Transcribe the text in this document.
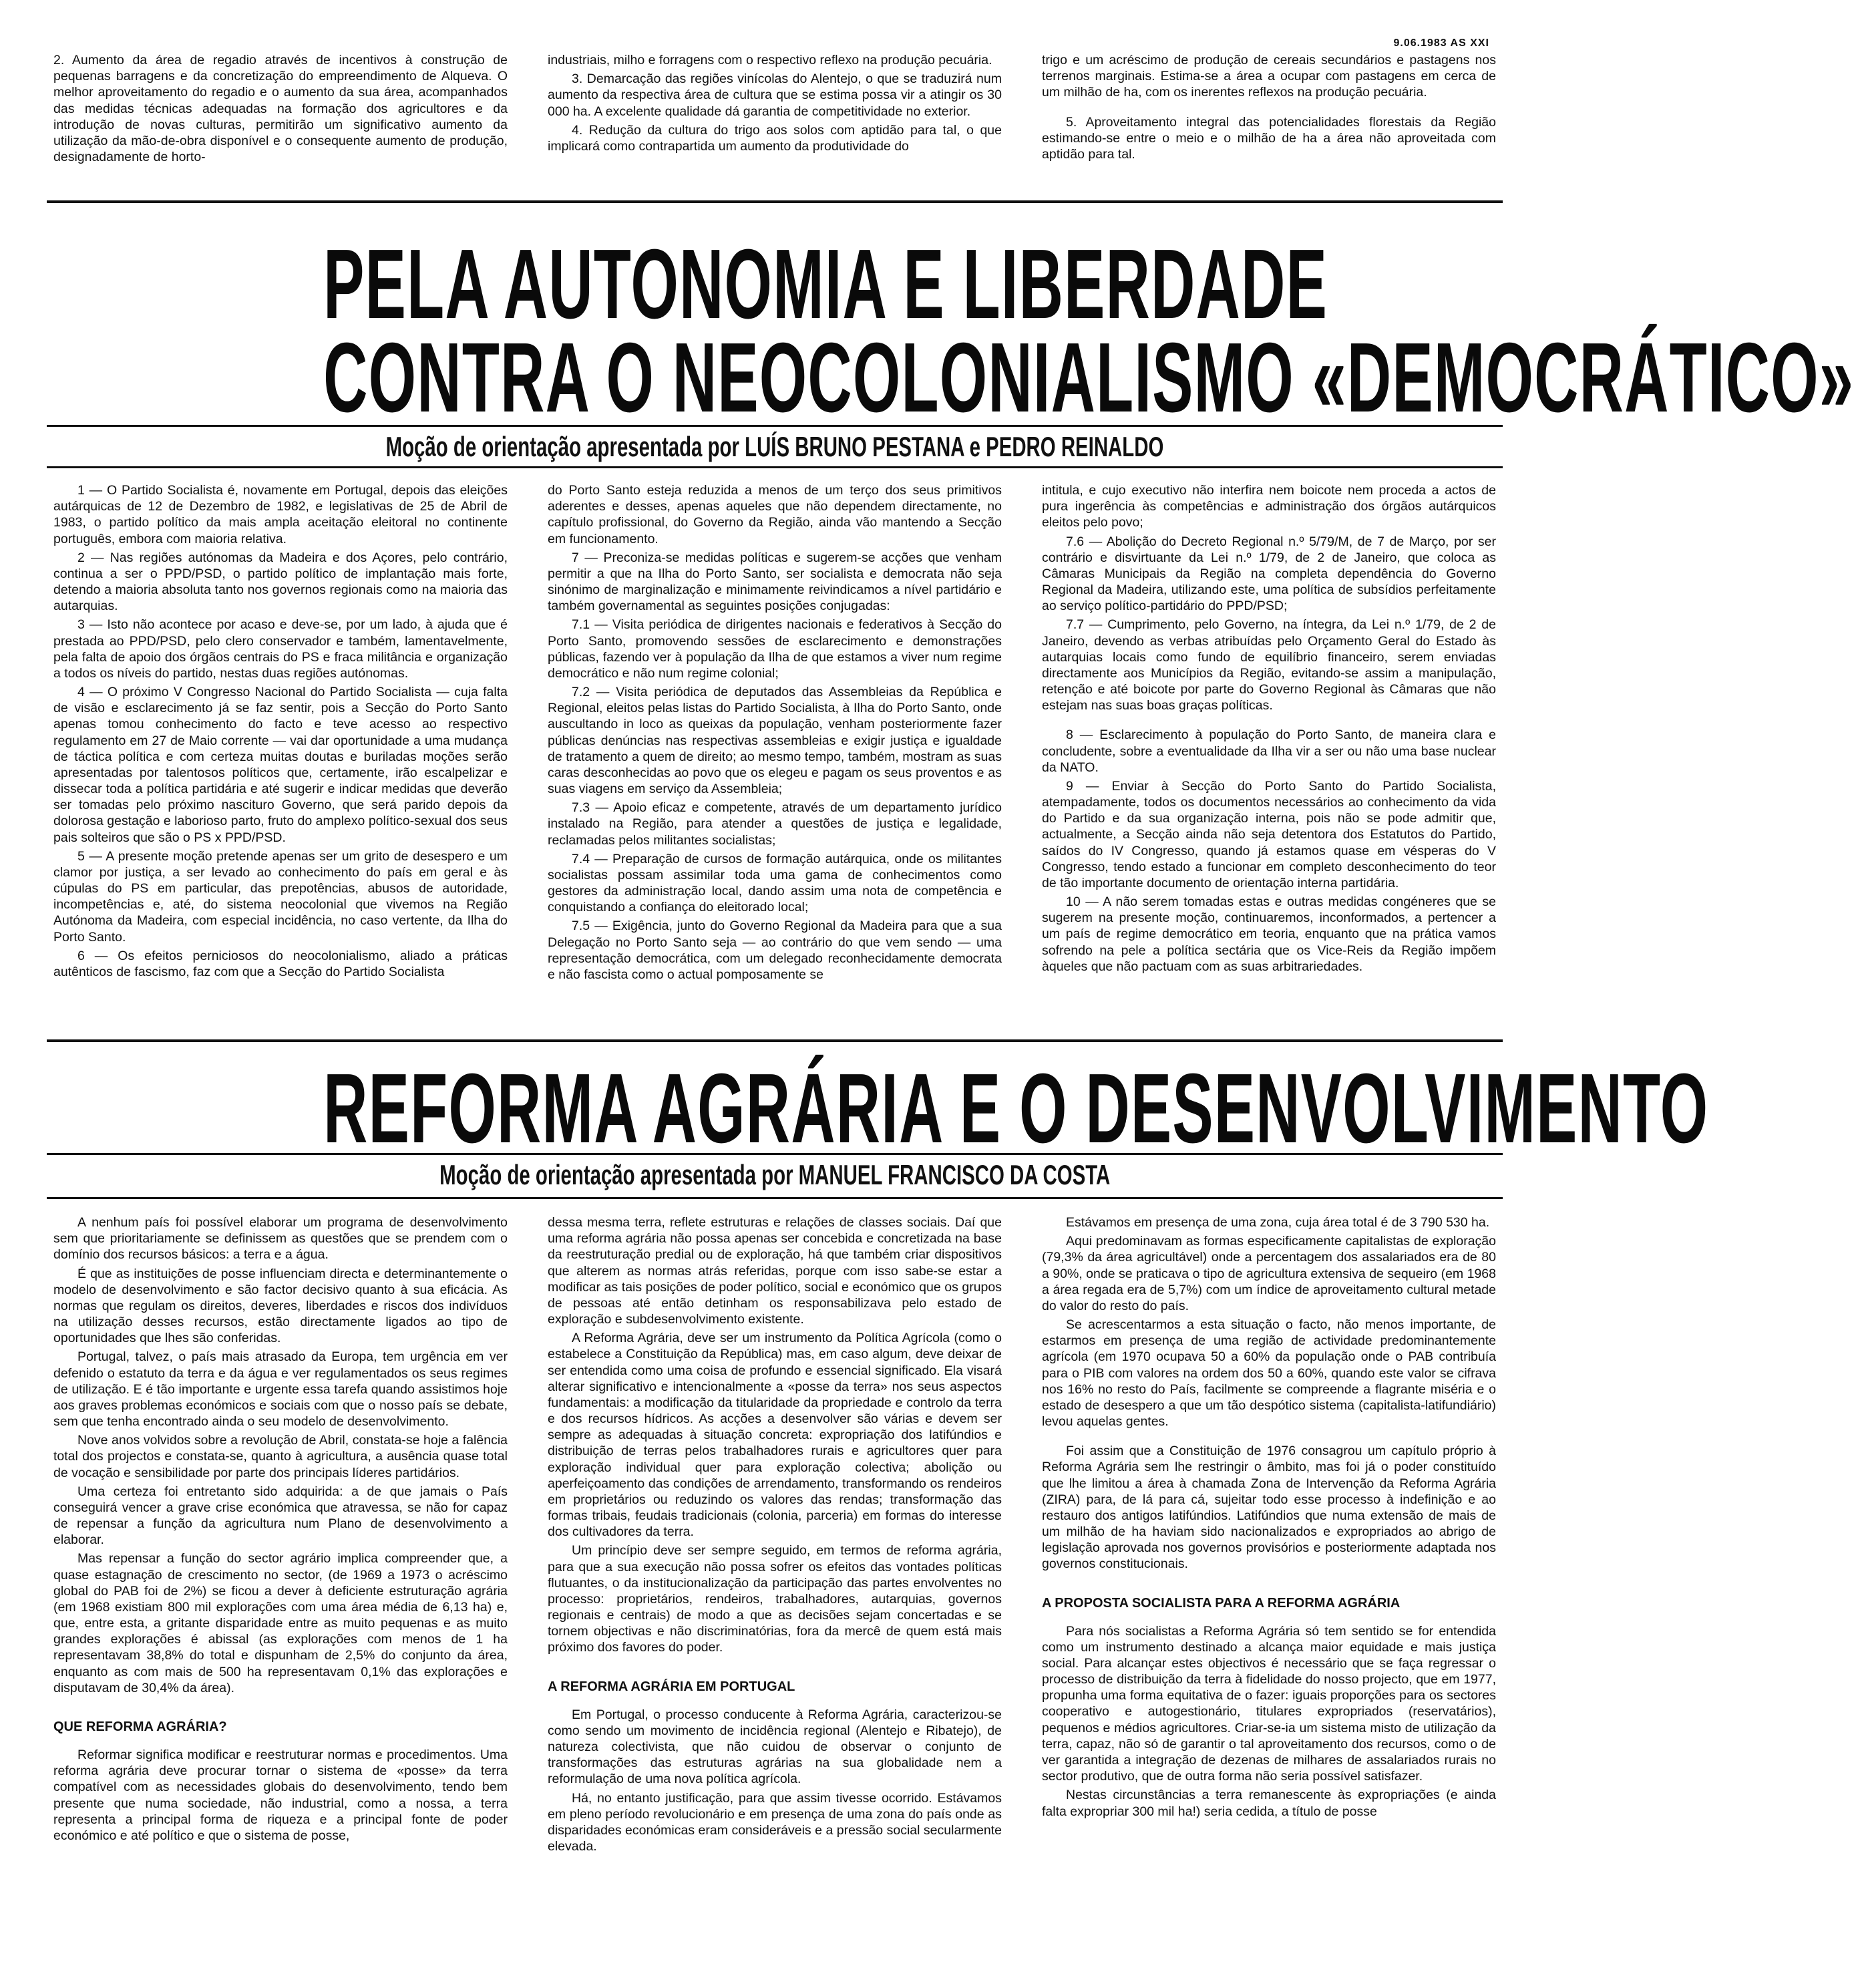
9.06.1983 AS XXI

2. Aumento da área de regadio através de incentivos à construção de pequenas barragens e da concretização do empreendimento de Alqueva. O melhor aproveitamento do regadio e o aumento da sua área, acompanhados das medidas técnicas adequadas na formação dos agricultores e da introdução de novas culturas, permitirão um significativo aumento da utilização da mão-de-obra disponível e o consequente aumento de produção, designadamente de horto-

industriais, milho e forragens com o respectivo reflexo na produção pecuária.

3. Demarcação das regiões vinícolas do Alentejo, o que se traduzirá num aumento da respectiva área de cultura que se estima possa vir a atingir os 30 000 ha. A excelente qualidade dá garantia de competitividade no exterior.

4. Redução da cultura do trigo aos solos com aptidão para tal, o que implicará como contrapartida um aumento da produtividade do

trigo e um acréscimo de produção de cereais secundários e pastagens nos terrenos marginais. Estima-se a área a ocupar com pastagens em cerca de um milhão de ha, com os inerentes reflexos na produção pecuária.

5. Aproveitamento integral das potencialidades florestais da Região estimando-se entre o meio e o milhão de ha a área não aproveitada com aptidão para tal.

PELA AUTONOMIA E LIBERDADE
CONTRA O NEOCOLONIALISMO «DEMOCRÁTICO»
Moção de orientação apresentada por LUÍS BRUNO PESTANA e PEDRO REINALDO

1 — O Partido Socialista é, novamente em Portugal, depois das eleições autárquicas de 12 de Dezembro de 1982, e legislativas de 25 de Abril de 1983, o partido político da mais ampla aceitação eleitoral no continente português, embora com maioria relativa.

2 — Nas regiões autónomas da Madeira e dos Açores, pelo contrário, continua a ser o PPD/PSD, o partido político de implantação mais forte, detendo a maioria absoluta tanto nos governos regionais como na maioria das autarquias.

3 — Isto não acontece por acaso e deve-se, por um lado, à ajuda que é prestada ao PPD/PSD, pelo clero conservador e também, lamentavelmente, pela falta de apoio dos órgãos centrais do PS e fraca militância e organização a todos os níveis do partido, nestas duas regiões autónomas.

4 — O próximo V Congresso Nacional do Partido Socialista — cuja falta de visão e esclarecimento já se faz sentir, pois a Secção do Porto Santo apenas tomou conhecimento do facto e teve acesso ao respectivo regulamento em 27 de Maio corrente — vai dar oportunidade a uma mudança de táctica política e com certeza muitas doutas e buriladas moções serão apresentadas por talentosos políticos que, certamente, irão escalpelizar e dissecar toda a política partidária e até sugerir e indicar medidas que deverão ser tomadas pelo próximo nascituro Governo, que será parido depois da dolorosa gestação e laborioso parto, fruto do amplexo político-sexual dos seus pais solteiros que são o PS x PPD/PSD.

5 — A presente moção pretende apenas ser um grito de desespero e um clamor por justiça, a ser levado ao conhecimento do país em geral e às cúpulas do PS em particular, das prepotências, abusos de autoridade, incompetências e, até, do sistema neocolonial que vivemos na Região Autónoma da Madeira, com especial incidência, no caso vertente, da Ilha do Porto Santo.

6 — Os efeitos perniciosos do neocolonialismo, aliado a práticas autênticos de fascismo, faz com que a Secção do Partido Socialista

do Porto Santo esteja reduzida a menos de um terço dos seus primitivos aderentes e desses, apenas aqueles que não dependem directamente, no capítulo profissional, do Governo da Região, ainda vão mantendo a Secção em funcionamento.

7 — Preconiza-se medidas políticas e sugerem-se acções que venham permitir a que na Ilha do Porto Santo, ser socialista e democrata não seja sinónimo de marginalização e minimamente reivindicamos a nível partidário e também governamental as seguintes posições conjugadas:

7.1 — Visita periódica de dirigentes nacionais e federativos à Secção do Porto Santo, promovendo sessões de esclarecimento e demonstrações públicas, fazendo ver à população da Ilha de que estamos a viver num regime democrático e não num regime colonial;

7.2 — Visita periódica de deputados das Assembleias da República e Regional, eleitos pelas listas do Partido Socialista, à Ilha do Porto Santo, onde auscultando in loco as queixas da população, venham posteriormente fazer públicas denúncias nas respectivas assembleias e exigir justiça e igualdade de tratamento a quem de direito; ao mesmo tempo, também, mostram as suas caras desconhecidas ao povo que os elegeu e pagam os seus proventos e as suas viagens em serviço da Assembleia;

7.3 — Apoio eficaz e competente, através de um departamento jurídico instalado na Região, para atender a questões de justiça e legalidade, reclamadas pelos militantes socialistas;

7.4 — Preparação de cursos de formação autárquica, onde os militantes socialistas possam assimilar toda uma gama de conhecimentos como gestores da administração local, dando assim uma nota de competência e conquistando a confiança do eleitorado local;

7.5 — Exigência, junto do Governo Regional da Madeira para que a sua Delegação no Porto Santo seja — ao contrário do que vem sendo — uma representação democrática, com um delegado reconhecidamente democrata e não fascista como o actual pomposamente se

intitula, e cujo executivo não interfira nem boicote nem proceda a actos de pura ingerência às competências e administração dos órgãos autárquicos eleitos pelo povo;

7.6 — Abolição do Decreto Regional n.º 5/79/M, de 7 de Março, por ser contrário e disvirtuante da Lei n.º 1/79, de 2 de Janeiro, que coloca as Câmaras Municipais da Região na completa dependência do Governo Regional da Madeira, utilizando este, uma política de subsídios perfeitamente ao serviço político-partidário do PPD/PSD;

7.7 — Cumprimento, pelo Governo, na íntegra, da Lei n.º 1/79, de 2 de Janeiro, devendo as verbas atribuídas pelo Orçamento Geral do Estado às autarquias locais como fundo de equilíbrio financeiro, serem enviadas directamente aos Municípios da Região, evitando-se assim a manipulação, retenção e até boicote por parte do Governo Regional às Câmaras que não estejam nas suas boas graças políticas.

8 — Esclarecimento à população do Porto Santo, de maneira clara e concludente, sobre a eventualidade da Ilha vir a ser ou não uma base nuclear da NATO.

9 — Enviar à Secção do Porto Santo do Partido Socialista, atempadamente, todos os documentos necessários ao conhecimento da vida do Partido e da sua organização interna, pois não se pode admitir que, actualmente, a Secção ainda não seja detentora dos Estatutos do Partido, saídos do IV Congresso, quando já estamos quase em vésperas do V Congresso, tendo estado a funcionar em completo desconhecimento do teor de tão importante documento de orientação interna partidária.

10 — A não serem tomadas estas e outras medidas congéneres que se sugerem na presente moção, continuaremos, inconformados, a pertencer a um país de regime democrático em teoria, enquanto que na prática vamos sofrendo na pele a política sectária que os Vice-Reis da Região impõem àqueles que não pactuam com as suas arbitrariedades.

REFORMA AGRÁRIA E O DESENVOLVIMENTO
Moção de orientação apresentada por MANUEL FRANCISCO DA COSTA

A nenhum país foi possível elaborar um programa de desenvolvimento sem que prioritariamente se definissem as questões que se prendem com o domínio dos recursos básicos: a terra e a água.

É que as instituições de posse influenciam directa e determinantemente o modelo de desenvolvimento e são factor decisivo quanto à sua eficácia. As normas que regulam os direitos, deveres, liberdades e riscos dos indivíduos na utilização desses recursos, estão directamente ligados ao tipo de oportunidades que lhes são conferidas.

Portugal, talvez, o país mais atrasado da Europa, tem urgência em ver defenido o estatuto da terra e da água e ver regulamentados os seus regimes de utilização. E é tão importante e urgente essa tarefa quando assistimos hoje aos graves problemas económicos e sociais com que o nosso país se debate, sem que tenha encontrado ainda o seu modelo de desenvolvimento.

Nove anos volvidos sobre a revolução de Abril, constata-se hoje a falência total dos projectos e constata-se, quanto à agricultura, a ausência quase total de vocação e sensibilidade por parte dos principais líderes partidários.

Uma certeza foi entretanto sido adquirida: a de que jamais o País conseguirá vencer a grave crise económica que atravessa, se não for capaz de repensar a função da agricultura num Plano de desenvolvimento a elaborar.

Mas repensar a função do sector agrário implica compreender que, a quase estagnação de crescimento no sector, (de 1969 a 1973 o acréscimo global do PAB foi de 2%) se ficou a dever à deficiente estruturação agrária (em 1968 existiam 800 mil explorações com uma área média de 6,13 ha) e, que, entre esta, a gritante disparidade entre as muito pequenas e as muito grandes explorações é abissal (as explorações com menos de 1 ha representavam 38,8% do total e dispunham de 2,5% do conjunto da área, enquanto as com mais de 500 ha representavam 0,1% das explorações e disputavam de 30,4% da área).

QUE REFORMA AGRÁRIA?

Reformar significa modificar e reestruturar normas e procedimentos. Uma reforma agrária deve procurar tornar o sistema de «posse» da terra compatível com as necessidades globais do desenvolvimento, tendo bem presente que numa sociedade, não industrial, como a nossa, a terra representa a principal forma de riqueza e a principal fonte de poder económico e até político e que o sistema de posse,

dessa mesma terra, reflete estruturas e relações de classes sociais. Daí que uma reforma agrária não possa apenas ser concebida e concretizada na base da reestruturação predial ou de exploração, há que também criar dispositivos que alterem as normas atrás referidas, porque com isso sabe-se estar a modificar as tais posições de poder político, social e económico que os grupos de pessoas até então detinham os responsabilizava pelo estado de exploração e subdesenvolvimento existente.

A Reforma Agrária, deve ser um instrumento da Política Agrícola (como o estabelece a Constituição da República) mas, em caso algum, deve deixar de ser entendida como uma coisa de profundo e essencial significado. Ela visará alterar significativo e intencionalmente a «posse da terra» nos seus aspectos fundamentais: a modificação da titularidade da propriedade e controlo da terra e dos recursos hídricos. As acções a desenvolver são várias e devem ser sempre as adequadas à situação concreta: expropriação dos latifúndios e distribuição de terras pelos trabalhadores rurais e agricultores quer para exploração individual quer para exploração colectiva; abolição ou aperfeiçoamento das condições de arrendamento, transformando os rendeiros em proprietários ou reduzindo os valores das rendas; transformação das formas tribais, feudais tradicionais (colonia, parceria) em formas do interesse dos cultivadores da terra.

Um princípio deve ser sempre seguido, em termos de reforma agrária, para que a sua execução não possa sofrer os efeitos das vontades políticas flutuantes, o da institucionalização da participação das partes envolventes no processo: proprietários, rendeiros, trabalhadores, autarquias, governos regionais e centrais) de modo a que as decisões sejam concertadas e se tornem objectivas e não discriminatórias, fora da mercê de quem está mais próximo dos favores do poder.

A REFORMA AGRÁRIA EM PORTUGAL

Em Portugal, o processo conducente à Reforma Agrária, caracterizou-se como sendo um movimento de incidência regional (Alentejo e Ribatejo), de natureza colectivista, que não cuidou de observar o conjunto de transformações das estruturas agrárias na sua globalidade nem a reformulação de uma nova política agrícola.

Há, no entanto justificação, para que assim tivesse ocorrido. Estávamos em pleno período revolucionário e em presença de uma zona do país onde as disparidades económicas eram consideráveis e a pressão social secularmente elevada.

Estávamos em presença de uma zona, cuja área total é de 3 790 530 ha.

Aqui predominavam as formas especificamente capitalistas de exploração (79,3% da área agricultável) onde a percentagem dos assalariados era de 80 a 90%, onde se praticava o tipo de agricultura extensiva de sequeiro (em 1968 a área regada era de 5,7%) com um índice de aproveitamento cultural metade do valor do resto do país.

Se acrescentarmos a esta situação o facto, não menos importante, de estarmos em presença de uma região de actividade predominantemente agrícola (em 1970 ocupava 50 a 60% da população onde o PAB contribuía para o PIB com valores na ordem dos 50 a 60%, quando este valor se cifrava nos 16% no resto do País, facilmente se compreende a flagrante miséria e o estado de desespero a que um tão despótico sistema (capitalista-latifundiário) levou aquelas gentes.

Foi assim que a Constituição de 1976 consagrou um capítulo próprio à Reforma Agrária sem lhe restringir o âmbito, mas foi já o poder constituído que lhe limitou a área à chamada Zona de Intervenção da Reforma Agrária (ZIRA) para, de lá para cá, sujeitar todo esse processo à indefinição e ao restauro dos antigos latifúndios. Latifúndios que numa extensão de mais de um milhão de ha haviam sido nacionalizados e expropriados ao abrigo de legislação aprovada nos governos provisórios e posteriormente adaptada nos governos constitucionais.

A PROPOSTA SOCIALISTA PARA A REFORMA AGRÁRIA

Para nós socialistas a Reforma Agrária só tem sentido se for entendida como um instrumento destinado a alcança maior equidade e mais justiça social. Para alcançar estes objectivos é necessário que se faça regressar o processo de distribuição da terra à fidelidade do nosso projecto, que em 1977, propunha uma forma equitativa de o fazer: iguais proporções para os sectores cooperativo e autogestionário, titulares expropriados (reservatários), pequenos e médios agricultores. Criar-se-ia um sistema misto de utilização da terra, capaz, não só de garantir o tal aproveitamento dos recursos, como o de ver garantida a integração de dezenas de milhares de assalariados rurais no sector produtivo, que de outra forma não seria possível satisfazer.

Nestas circunstâncias a terra remanescente às expropriações (e ainda falta expropriar 300 mil ha!) seria cedida, a título de posse
